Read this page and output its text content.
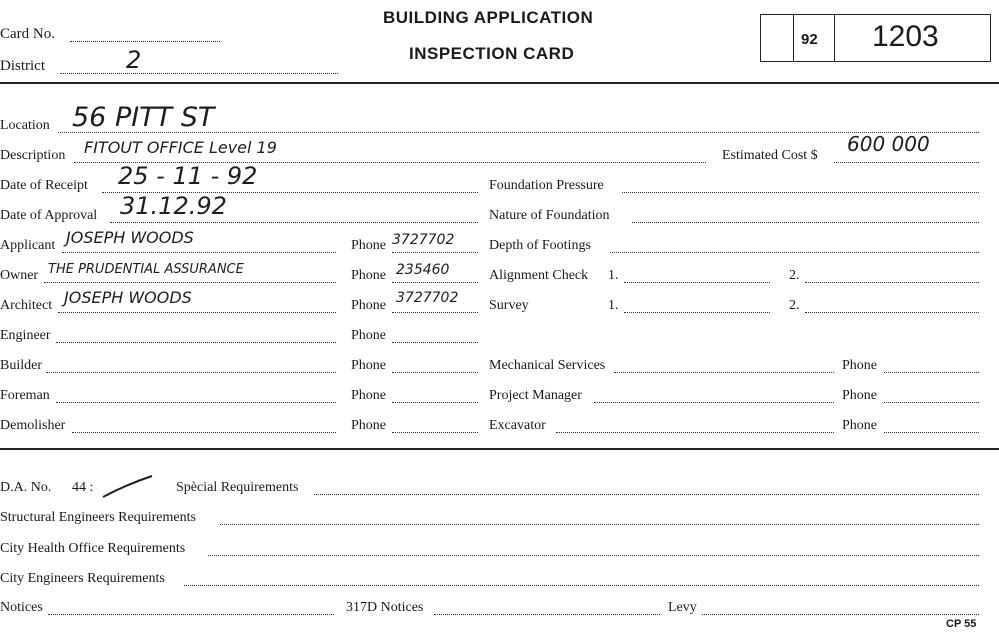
Card No.
District	2
BUILDING APPLICATION
INSPECTION CARD
92 1203
Location 56 PITT ST
Description FITOUT OFFICE Level 19	Estimated Cost $ 600 000
Date of Receipt 25 - 11 - 92
Date of Approval 31.12.92
Applicant JOSEPH WOODS	Phone 3727702
Owner THE PRUDENTIAL ASSURANCE	Phone 235460
Architect JOSEPH WOODS	Phone 3727702
Engineer	Phone
Builder	Phone
Foreman	Phone
Demolisher	Phone
Foundation Pressure
Nature of Foundation
Depth of Footings
Alignment Check 1.	2.
Survey	1.	2.
Mechanical Services	Phone
Project Manager	Phone
Excavator	Phone
D.A. No. 44 :	Spècial Requirements
Structural Engineers Requirements
City Health Office Requirements
City Engineers Requirements
Notices	317D Notices	Levy
CP 55
